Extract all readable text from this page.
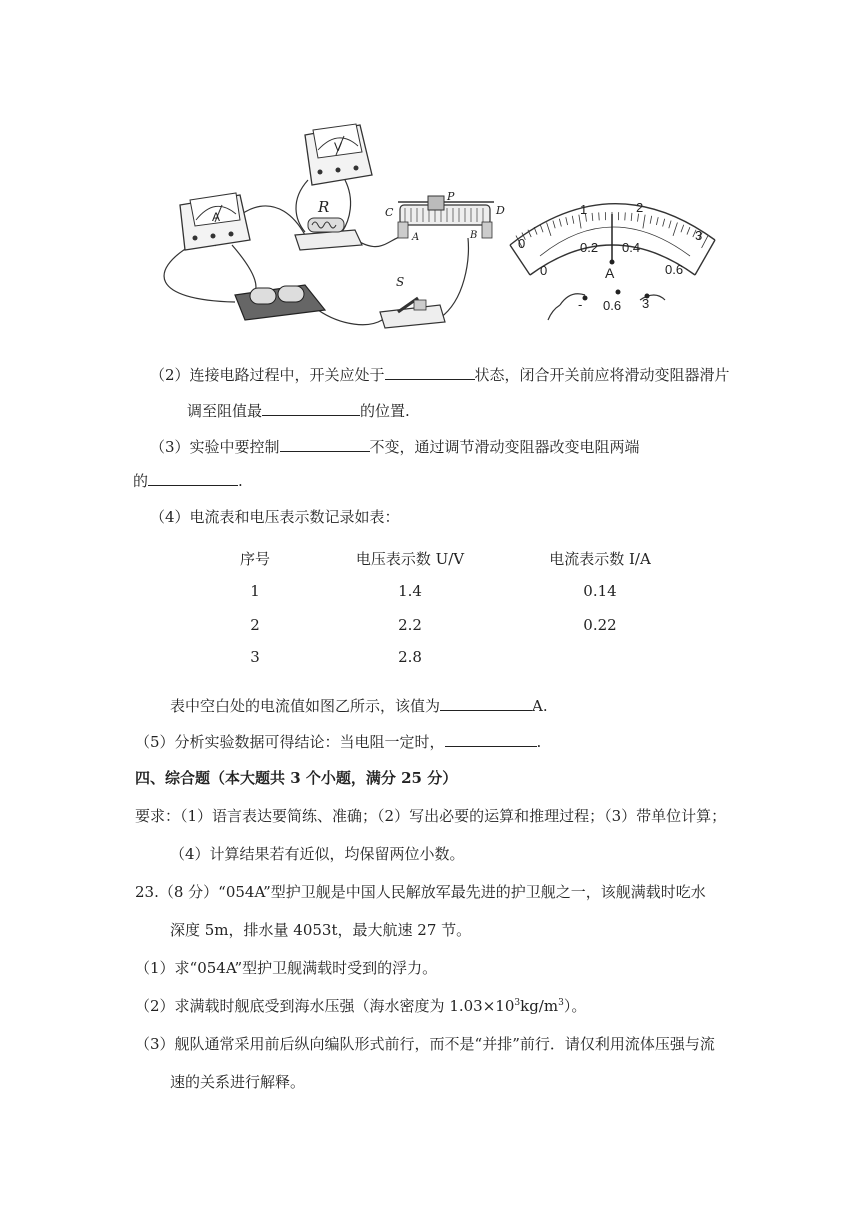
A
V
R
P
C	D
A	B
S
0
1	2
3
0
0.2 0.4
0.6
A
- 0.6 3
（2）连接电路过程中，开关应处于	状态，闭合开关前应将滑动变阻器滑片
调至阻值最	的位置.
（3）实验中要控制	不变，通过调节滑动变阻器改变电阻两端
的	.
（4）电流表和电压表示数记录如表：
序号	电压表示数 U/V	电流表示数 I/A
1	1.4	0.14
2	2.2	0.22
3	2.8
表中空白处的电流值如图乙所示，该值为	A.
（5）分析实验数据可得结论：当电阻一定时，	.
四、综合题（本大题共 3 个小题，满分 25 分）
要求：（1）语言表达要简练、准确；（2）写出必要的运算和推理过程；（3）带单位计算；
（4）计算结果若有近似，均保留两位小数。
23.（8 分）“054A”型护卫舰是中国人民解放军最先进的护卫舰之一，该舰满载时吃水
深度 5m，排水量 4053t，最大航速 27 节。
（1）求“054A”型护卫舰满载时受到的浮力。
（2）求满载时舰底受到海水压强（海水密度为 $1.03\times 10^3kg/m^3$）。
（3）舰队通常采用前后纵向编队形式前行，而不是“并排”前行．请仅利用流体压强与流
速的关系进行解释。
